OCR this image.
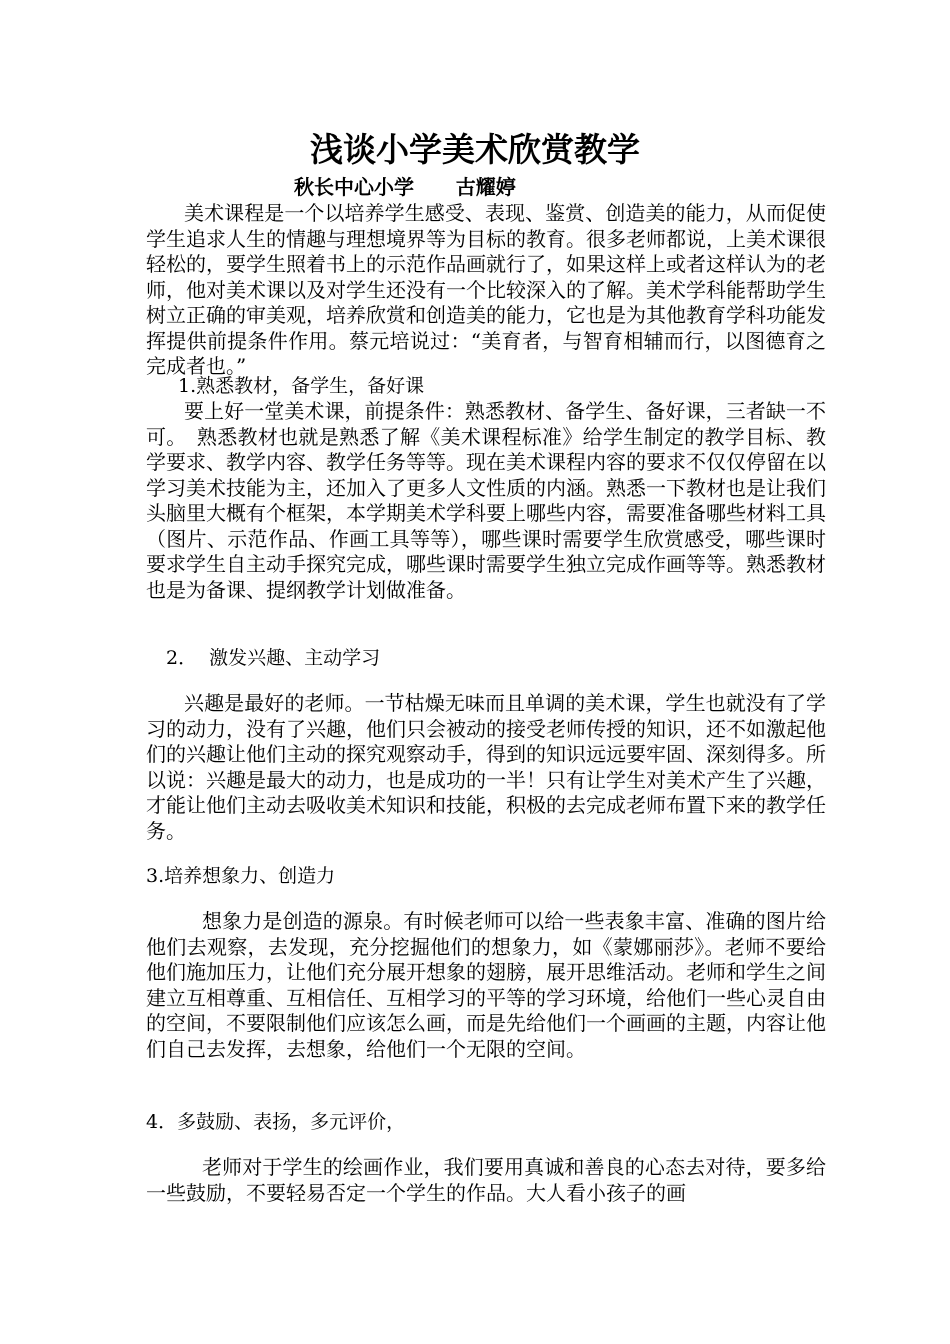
浅谈小学美术欣赏教学
秋长中心小学      古耀婷

美术课程是一个以培养学生感受、表现、鉴赏、创造美的能力，从而促使学生追求人生的情趣与理想境界等为目标的教育。很多老师都说，上美术课很轻松的，要学生照着书上的示范作品画就行了，如果这样上或者这样认为的老师，他对美术课以及对学生还没有一个比较深入的了解。美术学科能帮助学生树立正确的审美观，培养欣赏和创造美的能力，它也是为其他教育学科功能发挥提供前提条件作用。蔡元培说过：“美育者，与智育相辅而行，以图德育之完成者也。”

1.熟悉教材，备学生，备好课

要上好一堂美术课，前提条件：熟悉教材、备学生、备好课，三者缺一不可。　熟悉教材也就是熟悉了解《美术课程标准》给学生制定的教学目标、教学要求、教学内容、教学任务等等。现在美术课程内容的要求不仅仅停留在以学习美术技能为主，还加入了更多人文性质的内涵。熟悉一下教材也是让我们头脑里大概有个框架，本学期美术学科要上哪些内容，需要准备哪些材料工具（图片、示范作品、作画工具等等），哪些课时需要学生欣赏感受，哪些课时要求学生自主动手探究完成，哪些课时需要学生独立完成作画等等。熟悉教材也是为备课、提纲教学计划做准备。

2．  激发兴趣、主动学习

兴趣是最好的老师。一节枯燥无味而且单调的美术课，学生也就没有了学习的动力，没有了兴趣，他们只会被动的接受老师传授的知识，还不如激起他们的兴趣让他们主动的探究观察动手，得到的知识远远要牢固、深刻得多。所以说：兴趣是最大的动力，也是成功的一半！只有让学生对美术产生了兴趣，才能让他们主动去吸收美术知识和技能，积极的去完成老师布置下来的教学任务。

3.培养想象力、创造力

想象力是创造的源泉。有时候老师可以给一些表象丰富、准确的图片给他们去观察，去发现，充分挖掘他们的想象力，如《蒙娜丽莎》。老师不要给他们施加压力，让他们充分展开想象的翅膀，展开思维活动。老师和学生之间建立互相尊重、互相信任、互相学习的平等的学习环境，给他们一些心灵自由的空间，不要限制他们应该怎么画，而是先给他们一个画画的主题，内容让他们自己去发挥，去想象，给他们一个无限的空间。

4．多鼓励、表扬，多元评价，

老师对于学生的绘画作业，我们要用真诚和善良的心态去对待，要多给一些鼓励，不要轻易否定一个学生的作品。大人看小孩子的画
